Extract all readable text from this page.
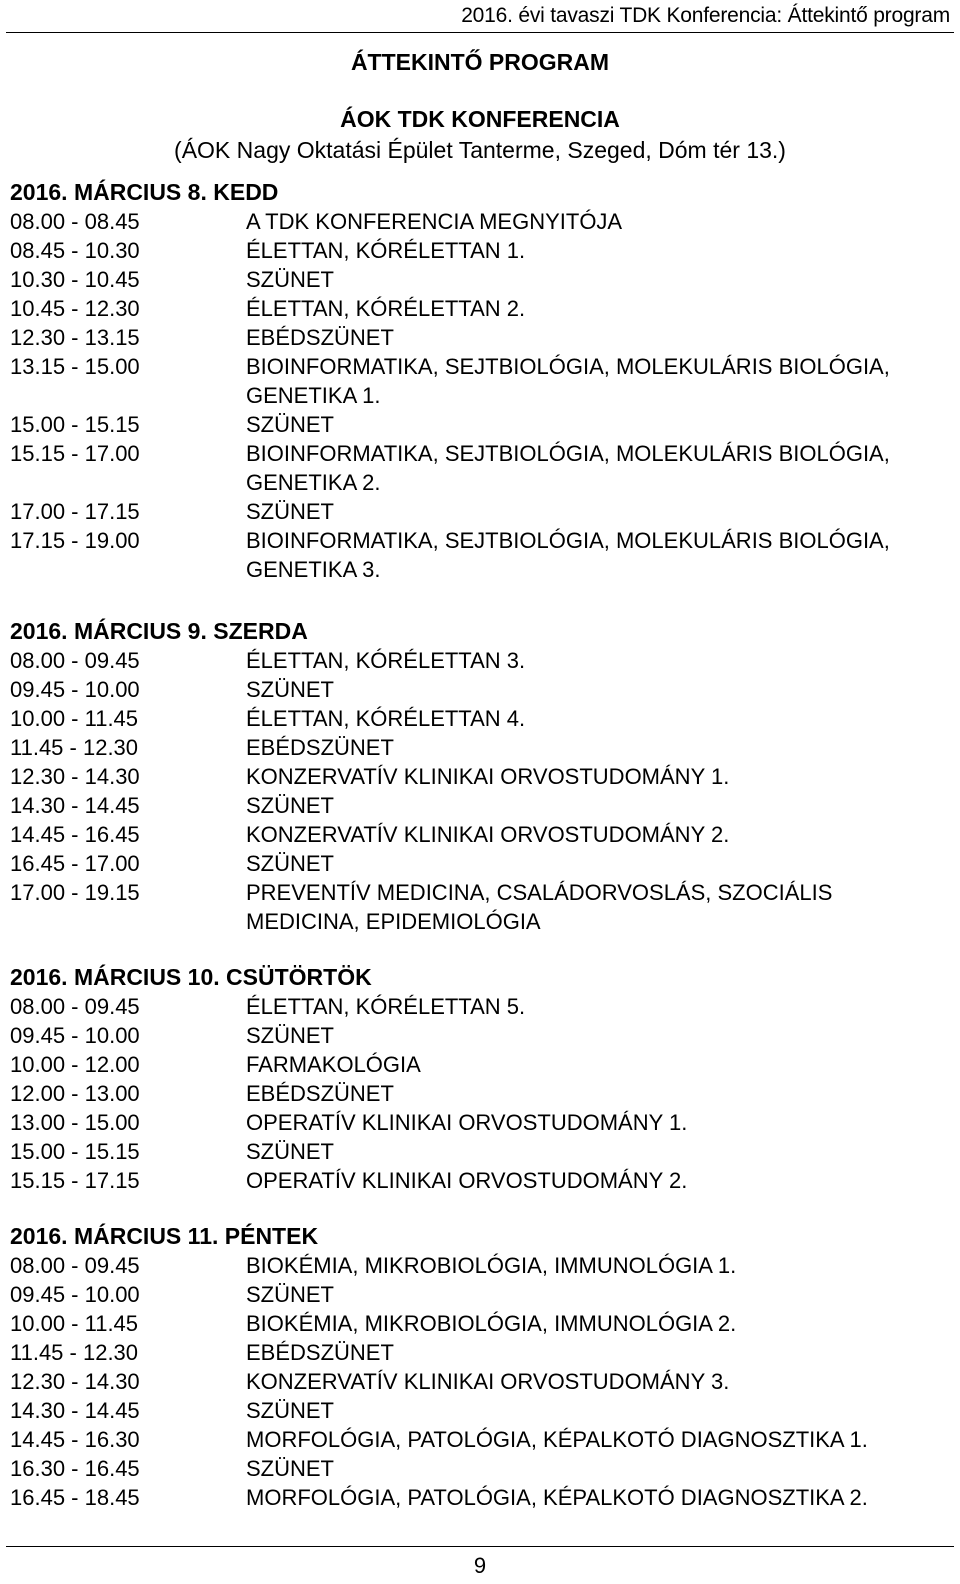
2016. évi tavaszi TDK Konferencia: Áttekintő program
ÁTTEKINTŐ PROGRAM
ÁOK TDK KONFERENCIA
(ÁOK Nagy Oktatási Épület Tanterme, Szeged, Dóm tér 13.)
2016. MÁRCIUS 8. KEDD
08.00 - 08.45	A TDK KONFERENCIA MEGNYITÓJA
08.45 - 10.30	ÉLETTAN, KÓRÉLETTAN 1.
10.30 - 10.45	SZÜNET
10.45 - 12.30	ÉLETTAN, KÓRÉLETTAN 2.
12.30 - 13.15	EBÉDSZÜNET
13.15 - 15.00	BIOINFORMATIKA, SEJTBIOLÓGIA, MOLEKULÁRIS BIOLÓGIA, GENETIKA 1.
15.00 - 15.15	SZÜNET
15.15 - 17.00	BIOINFORMATIKA, SEJTBIOLÓGIA, MOLEKULÁRIS BIOLÓGIA, GENETIKA 2.
17.00 - 17.15	SZÜNET
17.15 - 19.00	BIOINFORMATIKA, SEJTBIOLÓGIA, MOLEKULÁRIS BIOLÓGIA, GENETIKA 3.
2016. MÁRCIUS 9. SZERDA
08.00 - 09.45	ÉLETTAN, KÓRÉLETTAN 3.
09.45 - 10.00	SZÜNET
10.00 - 11.45	ÉLETTAN, KÓRÉLETTAN 4.
11.45 - 12.30	EBÉDSZÜNET
12.30 - 14.30	KONZERVATÍV KLINIKAI ORVOSTUDOMÁNY 1.
14.30 - 14.45	SZÜNET
14.45 - 16.45	KONZERVATÍV KLINIKAI ORVOSTUDOMÁNY 2.
16.45 - 17.00	SZÜNET
17.00 - 19.15	PREVENTÍV MEDICINA, CSALÁDORVOSLÁS, SZOCIÁLIS MEDICINA, EPIDEMIOLÓGIA
2016. MÁRCIUS 10. CSÜTÖRTÖK
08.00 - 09.45	ÉLETTAN, KÓRÉLETTAN 5.
09.45 - 10.00	SZÜNET
10.00 - 12.00	FARMAKOLÓGIA
12.00 - 13.00	EBÉDSZÜNET
13.00 - 15.00	OPERATÍV KLINIKAI ORVOSTUDOMÁNY 1.
15.00 - 15.15	SZÜNET
15.15 - 17.15	OPERATÍV KLINIKAI ORVOSTUDOMÁNY 2.
2016. MÁRCIUS 11. PÉNTEK
08.00 - 09.45	BIOKÉMIA, MIKROBIOLÓGIA, IMMUNOLÓGIA 1.
09.45 - 10.00	SZÜNET
10.00 - 11.45	BIOKÉMIA, MIKROBIOLÓGIA, IMMUNOLÓGIA 2.
11.45 - 12.30	EBÉDSZÜNET
12.30 - 14.30	KONZERVATÍV KLINIKAI ORVOSTUDOMÁNY 3.
14.30 - 14.45	SZÜNET
14.45 - 16.30	MORFOLÓGIA, PATOLÓGIA, KÉPALKOTÓ DIAGNOSZTIKA 1.
16.30 - 16.45	SZÜNET
16.45 - 18.45	MORFOLÓGIA, PATOLÓGIA, KÉPALKOTÓ DIAGNOSZTIKA 2.
9
